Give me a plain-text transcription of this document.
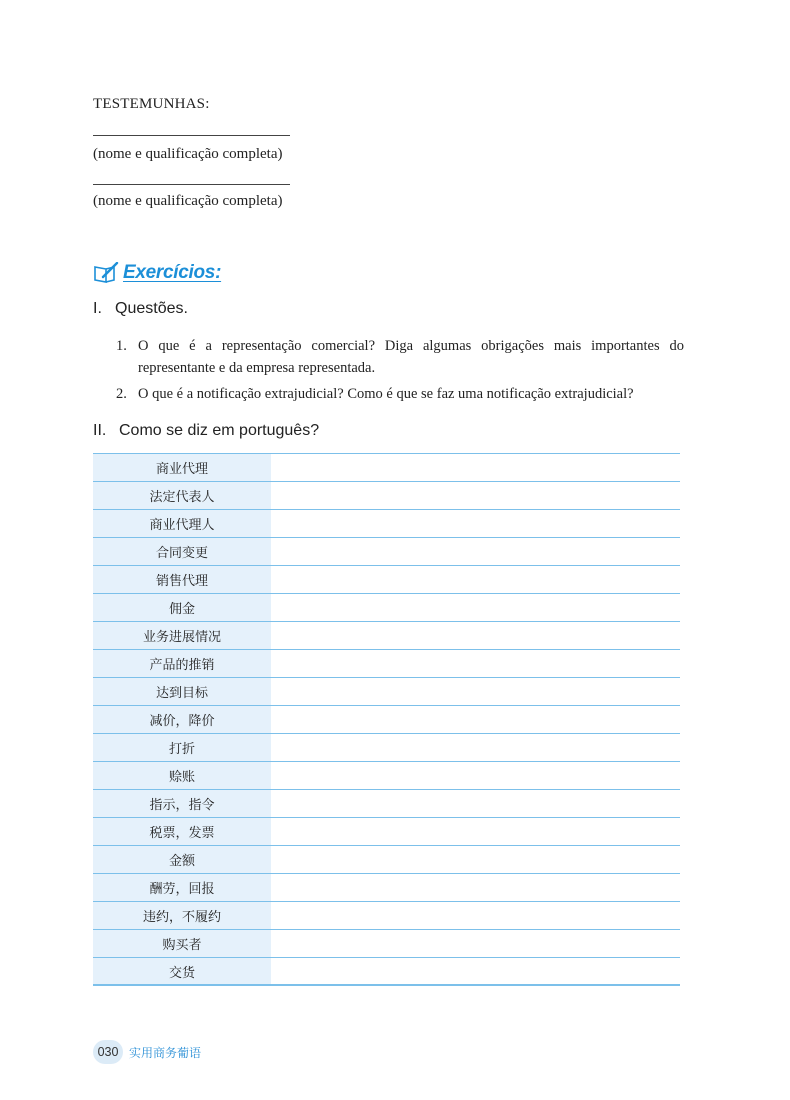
TESTEMUNHAS:
(nome e qualificação completa)
(nome e qualificação completa)
Exercícios:
I. Questões.
1. O que é a representação comercial? Diga algumas obrigações mais importantes do representante e da empresa representada.
2. O que é a notificação extrajudicial? Como é que se faz uma notificação extrajudicial?
II. Como se diz em português?
商业代理
法定代表人
商业代理人
合同变更
销售代理
佣金
业务进展情况
产品的推销
达到目标
减价，降价
打折
赊账
指示，指令
税票，发票
金额
酬劳，回报
违约，不履约
购买者
交货
030 实用商务葡语
